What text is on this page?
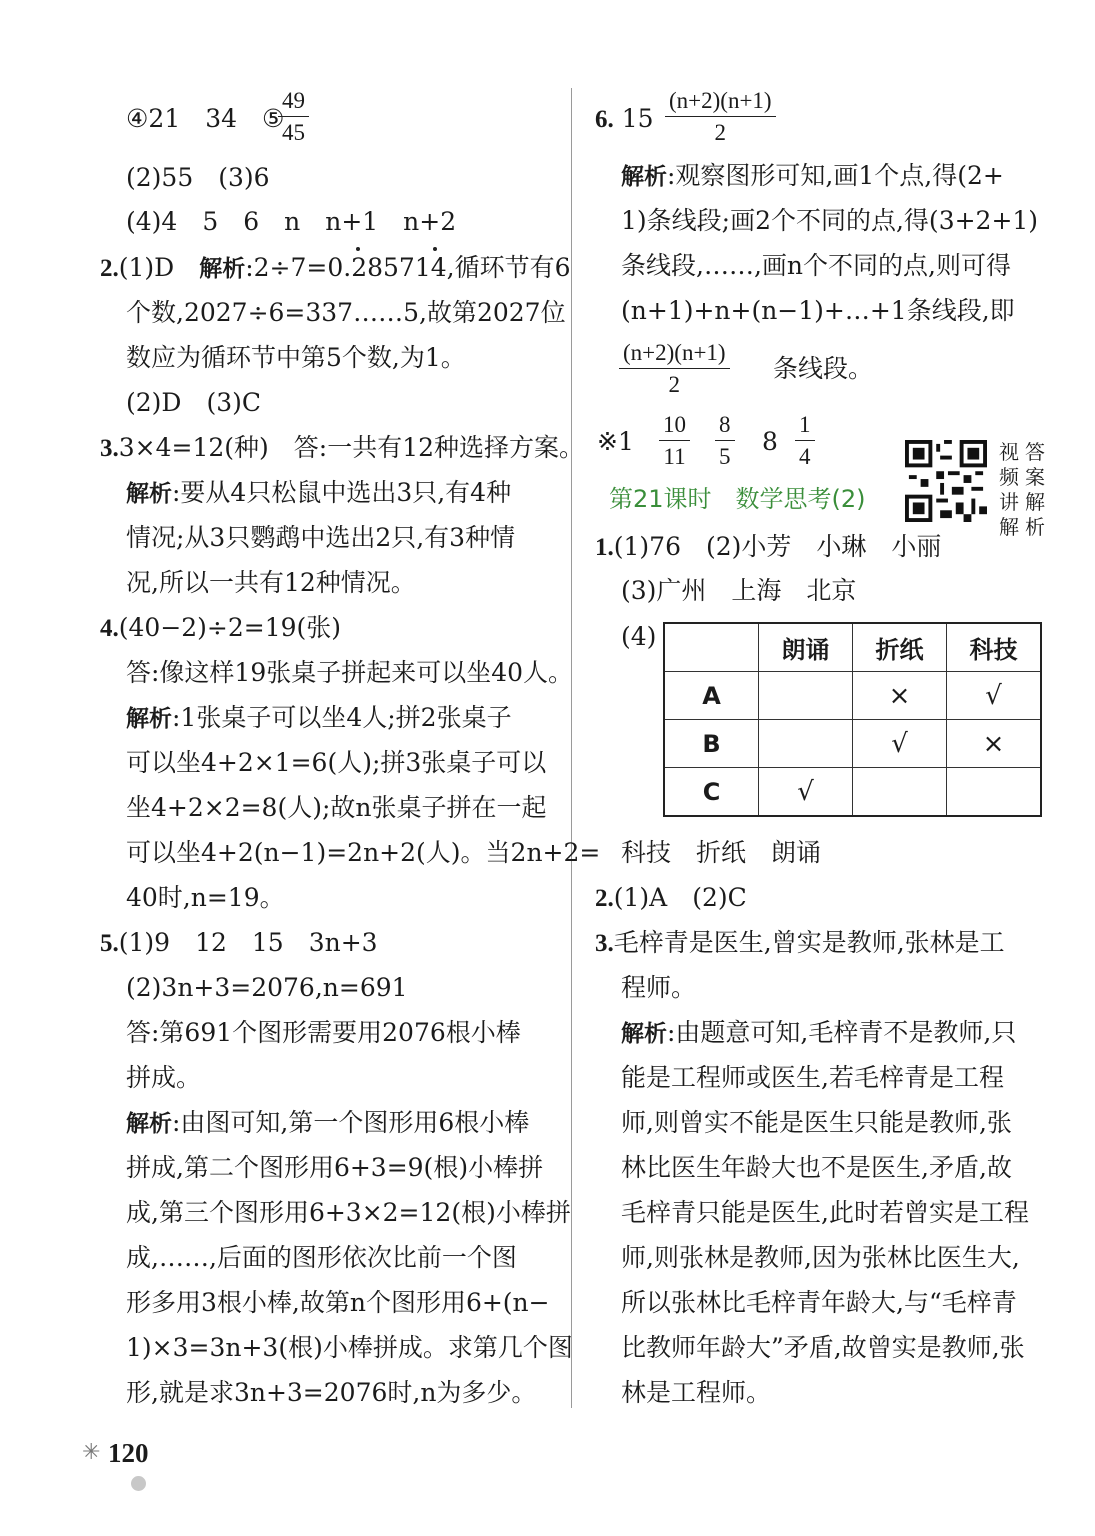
④21　34　⑤
$\frac{49}{45}$
(2)55　(3)6
(4)4　5　6　n　n+1　n+2
2.(1)D　解析:2÷7=0.285714,循环节有6
个数,2027÷6=337……5,故第2027位
数应为循环节中第5个数,为1。
(2)D　(3)C
3.3×4=12(种)　答:一共有12种选择方案。
解析:要从4只松鼠中选出3只,有4种
情况;从3只鹦鹉中选出2只,有3种情
况,所以一共有12种情况。
4.(40−2)÷2=19(张)
答:像这样19张桌子拼起来可以坐40人。
解析:1张桌子可以坐4人;拼2张桌子
可以坐4+2×1=6(人);拼3张桌子可以
坐4+2×2=8(人);故n张桌子拼在一起
可以坐4+2(n−1)=2n+2(人)。当2n+2=
40时,n=19。
5.(1)9　12　15　3n+3
(2)3n+3=2076,n=691
答:第691个图形需要用2076根小棒
拼成。
解析:由图可知,第一个图形用6根小棒
拼成,第二个图形用6+3=9(根)小棒拼
成,第三个图形用6+3×2=12(根)小棒拼
成,……,后面的图形依次比前一个图
形多用3根小棒,故第n个图形用6+(n−
1)×3=3n+3(根)小棒拼成。求第几个图
形,就是求3n+3=2076时,n为多少。
6. $15 \frac{(n+2)(n+1)}{2}$
解析:观察图形可知,画1个点,得(2+
1)条线段;画2个不同的点,得(3+2+1)
条线段,……,画n个不同的点,则可得
(n+1)+n+(n−1)+…+1条线段,即
$\frac{(n+2)(n+1)}{2}$ 条线段。
※1 $\frac{10}{11} \frac{8}{5} 8 \frac{1}{4}$
第21课时　数学思考(2)
1.(1)76　(2)小芳　小琳　小丽
(3)广州　上海　北京
(4)
		朗诵	折纸	科技
A		×	√
B		√	×
C	√		
科技　折纸　朗诵
2.(1)A　(2)C
3.毛梓青是医生,曾实是教师,张林是工
程师。
解析:由题意可知,毛梓青不是教师,只
能是工程师或医生,若毛梓青是工程
师,则曾实不能是医生只能是教师,张
林比医生年龄大也不是医生,矛盾,故
毛梓青只能是医生,此时若曾实是工程
师,则张林是教师,因为张林比医生大,
所以张林比毛梓青年龄大,与“毛梓青
比教师年龄大”矛盾,故曾实是教师,张
林是工程师。
视
频
讲
解
答
案
解
析
✳ 120
